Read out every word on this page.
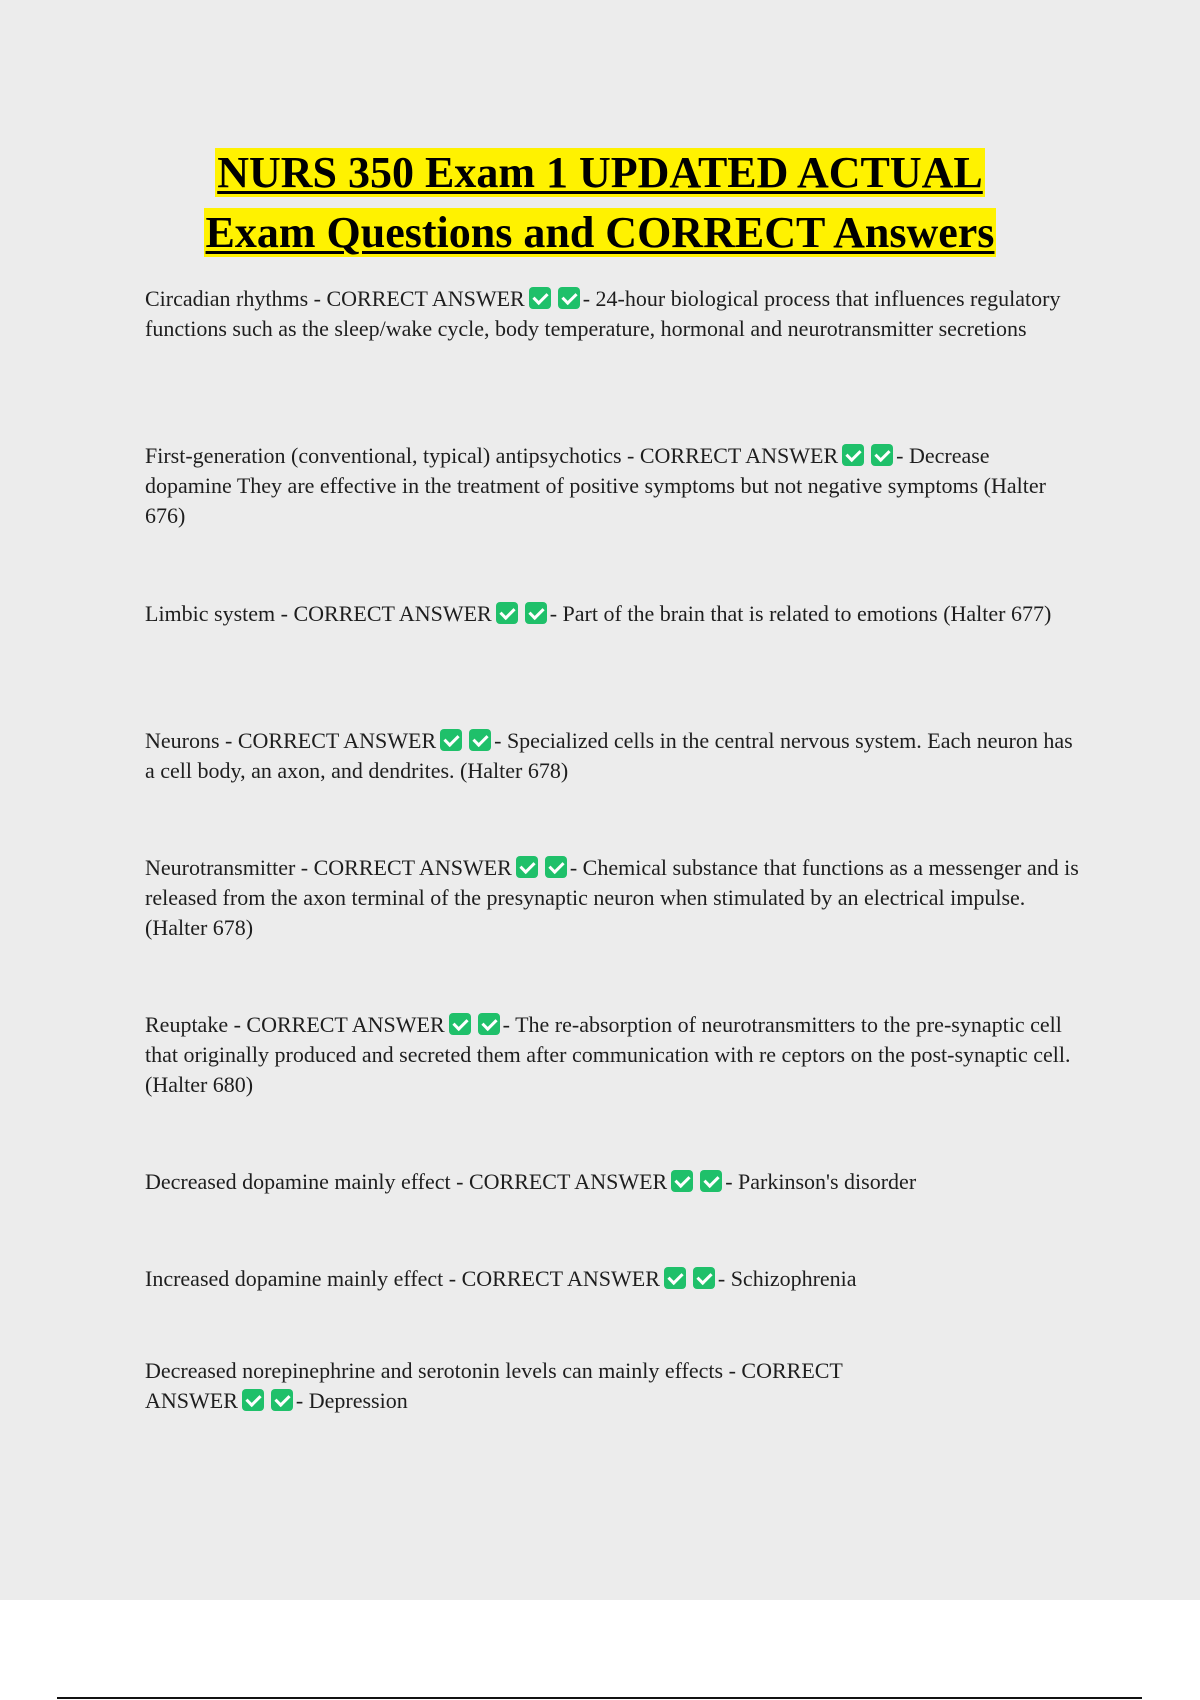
NURS 350 Exam 1 UPDATED ACTUAL
Exam Questions and CORRECT Answers
Circadian rhythms - CORRECT ANSWER	- 24-hour biological process that influences regulatory functions such as the sleep/wake cycle, body temperature, hormonal and neurotransmitter secretions
First-generation (conventional, typical) antipsychotics - CORRECT ANSWER	- Decrease dopamine They are effective in the treatment of positive symptoms but not negative symptoms (Halter 676)
Limbic system - CORRECT ANSWER	- Part of the brain that is related to emotions (Halter 677)
Neurons - CORRECT ANSWER	- Specialized cells in the central nervous system. Each neuron has a cell body, an axon, and dendrites. (Halter 678)
Neurotransmitter - CORRECT ANSWER	- Chemical substance that functions as a messenger and is released from the axon terminal of the presynaptic neuron when stimulated by an electrical impulse. (Halter 678)
Reuptake - CORRECT ANSWER	- The re-absorption of neurotransmitters to the pre-synaptic cell that originally produced and secreted them after communication with re ceptors on the post-synaptic cell. (Halter 680)
Decreased dopamine mainly effect - CORRECT ANSWER	- Parkinson's disorder
Increased dopamine mainly effect - CORRECT ANSWER	- Schizophrenia
Decreased norepinephrine and serotonin levels can mainly effects - CORRECT ANSWER	- Depression
